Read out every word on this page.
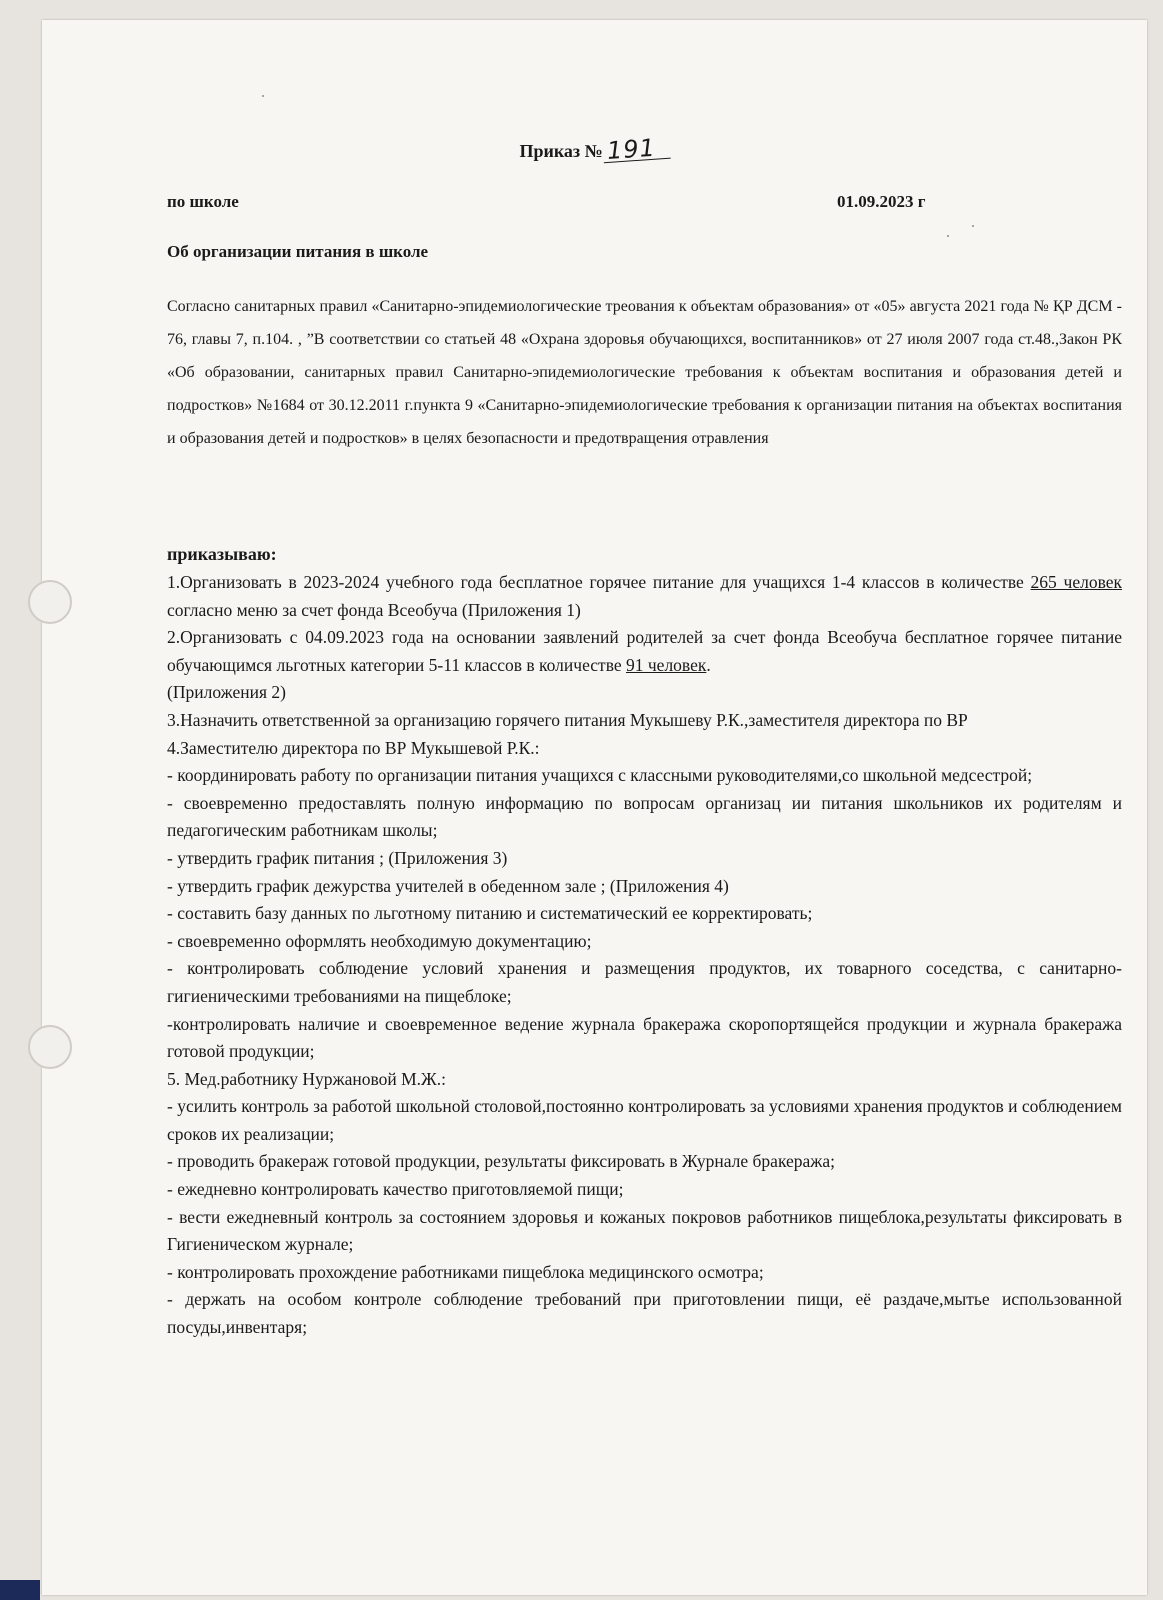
Приказ № 191
по школе	01.09.2023 г
Об организации питания в школе
Согласно санитарных правил «Санитарно-эпидемиологические треования к объектам образования» от «05» августа 2021 года № ҚР ДСМ - 76, главы 7, п.104. , ”В соответствии со статьей 48 «Охрана здоровья обучающихся, воспитанников» от 27 июля 2007 года ст.48.,Закон РК «Об образовании, санитарных правил Санитарно-эпидемиологические требования к объектам воспитания и образования детей и подростков» №1684 от 30.12.2011 г.пункта 9 «Санитарно-эпидемиологические требования к организации питания на объектах воспитания и образования детей и подростков» в целях безопасности и предотвращения отравления
приказываю:

1.Организовать в 2023-2024 учебного года бесплатное горячее питание для учащихся 1-4 классов в количестве 265 человек согласно меню за счет фонда Всеобуча (Приложения 1)

2.Организовать с 04.09.2023 года на основании заявлений родителей за счет фонда Всеобуча бесплатное горячее питание обучающимся льготных категории 5-11 классов в количестве 91 человек.

(Приложения 2)

3.Назначить ответственной за организацию горячего питания Мукышеву Р.К.,заместителя директора по ВР

4.Заместителю директора по ВР Мукышевой Р.К.:

- координировать работу по организации питания учащихся с классными руководителями,со школьной медсестрой;

- своевременно предоставлять полную информацию по вопросам организац ии питания школьников их родителям и педагогическим работникам школы;

- утвердить график питания ; (Приложения 3)

- утвердить график дежурства учителей в обеденном зале ; (Приложения 4)

- составить базу данных по льготному питанию и систематический ее корректировать;

- своевременно оформлять необходимую документацию;

- контролировать соблюдение условий хранения и размещения продуктов, их товарного соседства, с санитарно-гигиеническими требованиями на пищеблоке;

-контролировать наличие и своевременное ведение журнала бракеража скоропортящейся продукции и журнала бракеража готовой продукции;

5. Мед.работнику Нуржановой М.Ж.:

- усилить контроль за работой школьной столовой,постоянно контролировать за условиями хранения продуктов и соблюдением сроков их реализации;

- проводить бракераж готовой продукции, результаты фиксировать в Журнале бракеража;

- ежедневно контролировать качество приготовляемой пищи;

- вести ежедневный контроль за состоянием здоровья и кожаных покровов работников пищеблока,результаты фиксировать в Гигиеническом журнале;

- контролировать прохождение работниками пищеблока медицинского осмотра;

- держать на особом контроле соблюдение требований при приготовлении пищи, её раздаче,мытье использованной посуды,инвентаря;
